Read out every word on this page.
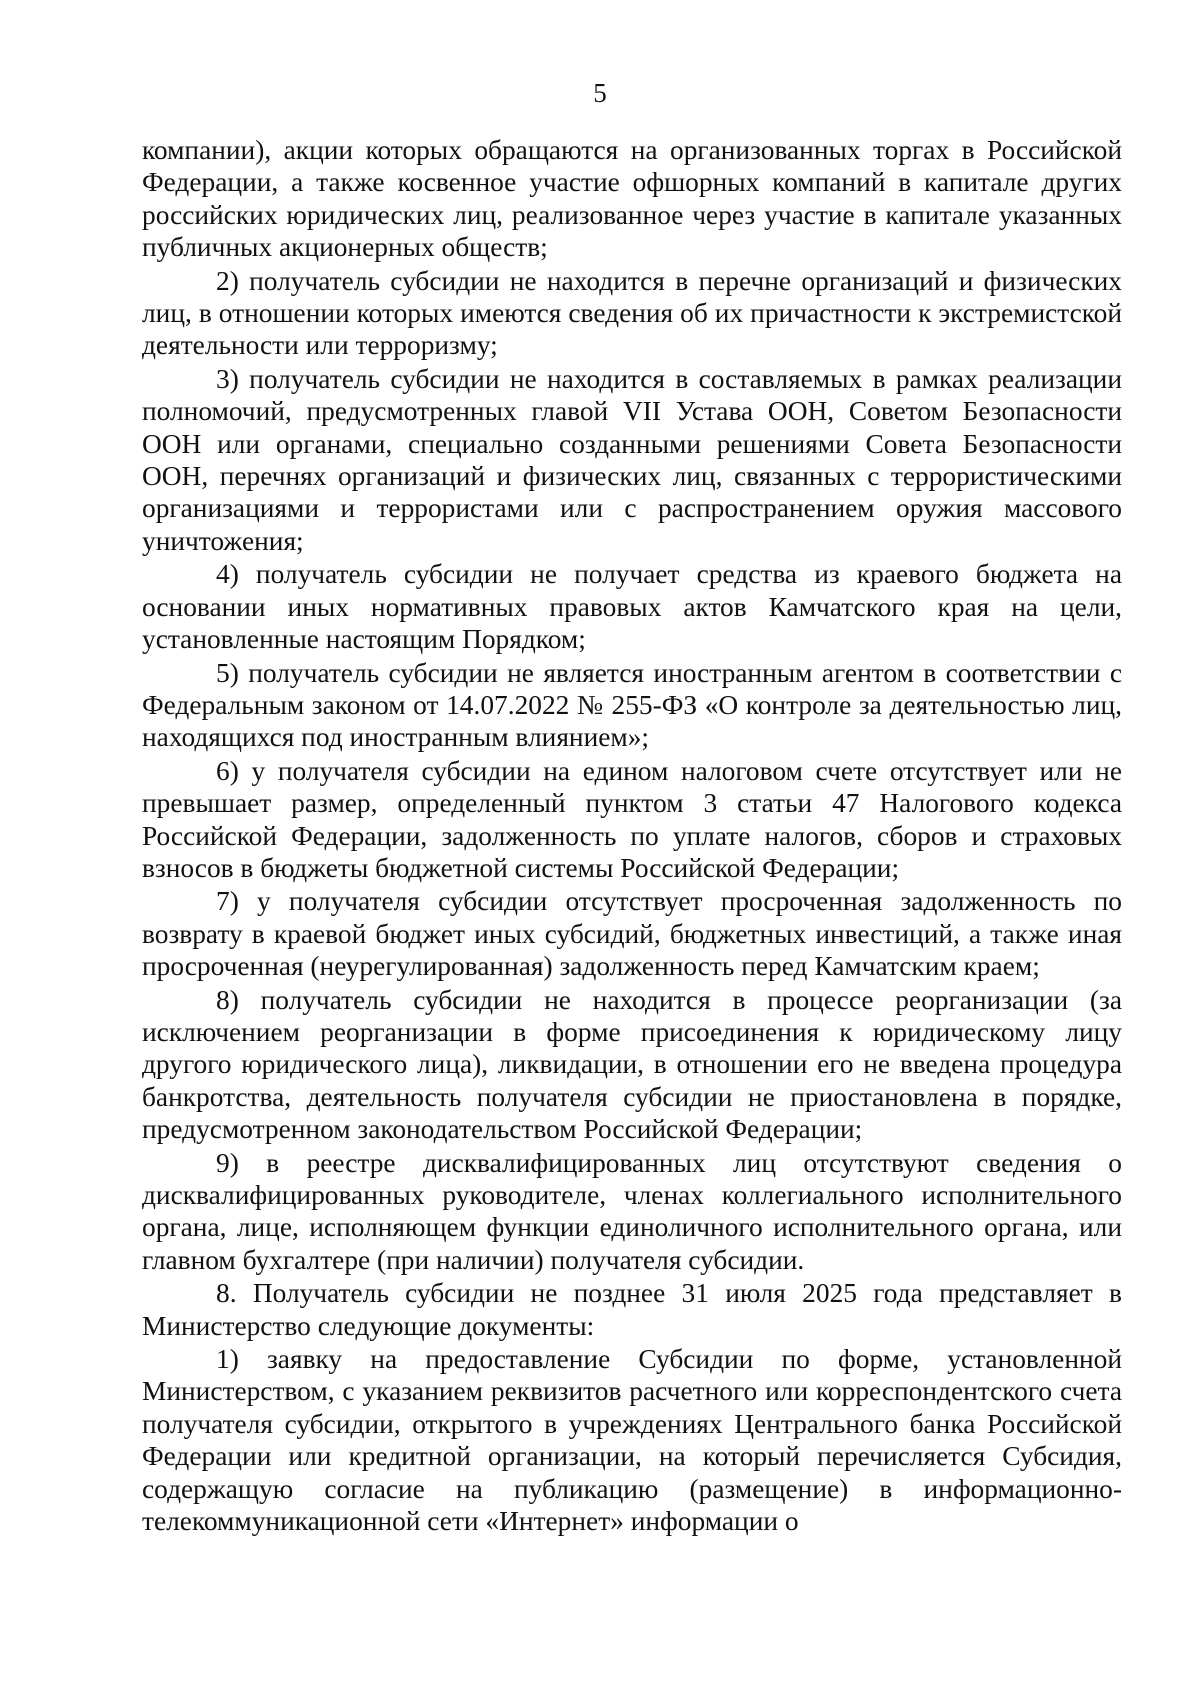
5

компании), акции которых обращаются на организованных торгах в Российской Федерации, а также косвенное участие офшорных компаний в капитале других российских юридических лиц, реализованное через участие в капитале указанных публичных акционерных обществ;

2) получатель субсидии не находится в перечне организаций и физических лиц, в отношении которых имеются сведения об их причастности к экстремистской деятельности или терроризму;

3) получатель субсидии не находится в составляемых в рамках реализации полномочий, предусмотренных главой VII Устава ООН, Советом Безопасности ООН или органами, специально созданными решениями Совета Безопасности ООН, перечнях организаций и физических лиц, связанных с террористическими организациями и террористами или с распространением оружия массового уничтожения;

4) получатель субсидии не получает средства из краевого бюджета на основании иных нормативных правовых актов Камчатского края на цели, установленные настоящим Порядком;

5) получатель субсидии не является иностранным агентом в соответствии с Федеральным законом от 14.07.2022 № 255-ФЗ «О контроле за деятельностью лиц, находящихся под иностранным влиянием»;

6) у получателя субсидии на едином налоговом счете отсутствует или не превышает размер, определенный пунктом 3 статьи 47 Налогового кодекса Российской Федерации, задолженность по уплате налогов, сборов и страховых взносов в бюджеты бюджетной системы Российской Федерации;

7) у получателя субсидии отсутствует просроченная задолженность по возврату в краевой бюджет иных субсидий, бюджетных инвестиций, а также иная просроченная (неурегулированная) задолженность перед Камчатским краем;

8) получатель субсидии не находится в процессе реорганизации (за исключением реорганизации в форме присоединения к юридическому лицу другого юридического лица), ликвидации, в отношении его не введена процедура банкротства, деятельность получателя субсидии не приостановлена в порядке, предусмотренном законодательством Российской Федерации;

9) в реестре дисквалифицированных лиц отсутствуют сведения о дисквалифицированных руководителе, членах коллегиального исполнительного органа, лице, исполняющем функции единоличного исполнительного органа, или главном бухгалтере (при наличии) получателя субсидии.

8. Получатель субсидии не позднее 31 июля 2025 года представляет в Министерство следующие документы:

1) заявку на предоставление Субсидии по форме, установленной Министерством, с указанием реквизитов расчетного или корреспондентского счета получателя субсидии, открытого в учреждениях Центрального банка Российской Федерации или кредитной организации, на который перечисляется Субсидия, содержащую согласие на публикацию (размещение) в информационно-телекоммуникационной сети «Интернет» информации о
